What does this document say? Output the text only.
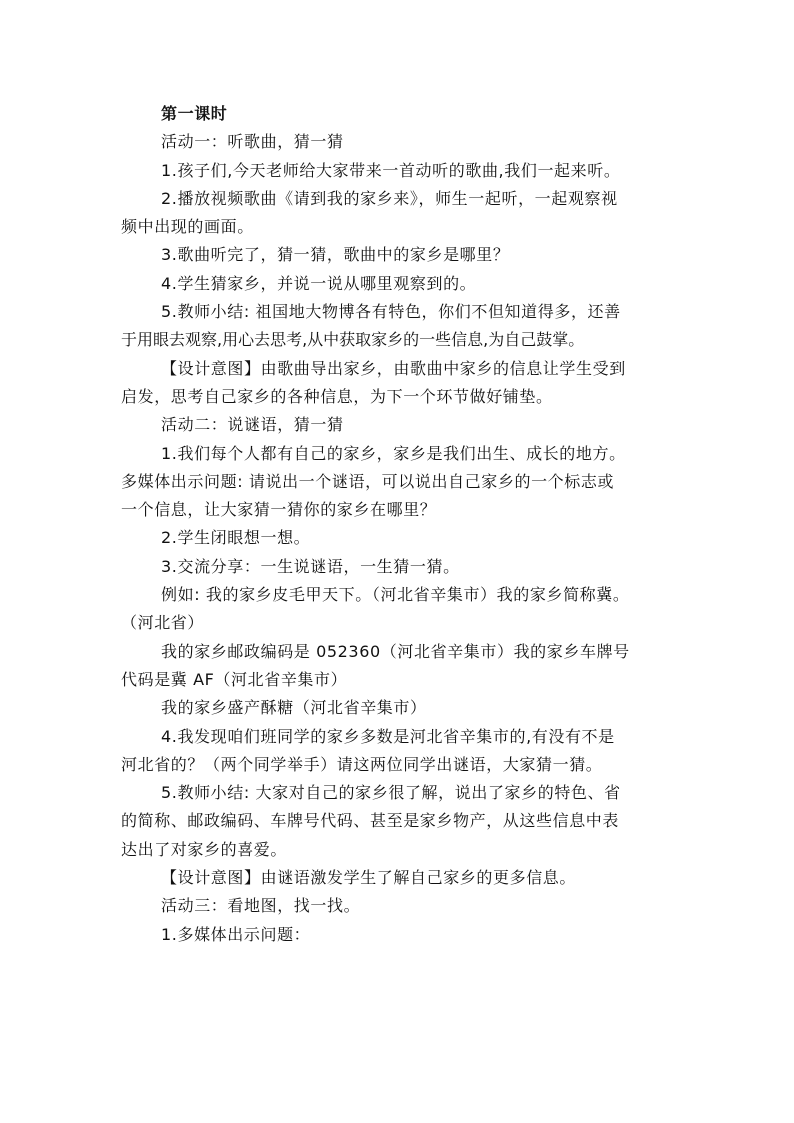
第一课时
活动一：听歌曲，猜一猜
1.孩子们,今天老师给大家带来一首动听的歌曲,我们一起来听。
2.播放视频歌曲《请到我的家乡来》，师生一起听，一起观察视
频中出现的画面。
3.歌曲听完了，猜一猜，歌曲中的家乡是哪里？
4.学生猜家乡，并说一说从哪里观察到的。
5.教师小结: 祖国地大物博各有特色，你们不但知道得多，还善
于用眼去观察,用心去思考,从中获取家乡的一些信息,为自己鼓掌。
【设计意图】由歌曲导出家乡，由歌曲中家乡的信息让学生受到
启发，思考自己家乡的各种信息，为下一个环节做好铺垫。
活动二：说谜语，猜一猜
1.我们每个人都有自己的家乡，家乡是我们出生、成长的地方。
多媒体出示问题: 请说出一个谜语，可以说出自己家乡的一个标志或
一个信息，让大家猜一猜你的家乡在哪里？
2.学生闭眼想一想。
3.交流分享：一生说谜语，一生猜一猜。
例如: 我的家乡皮毛甲天下。（河北省辛集市）我的家乡简称冀。
（河北省）
我的家乡邮政编码是 052360（河北省辛集市）我的家乡车牌号
代码是冀 AF（河北省辛集市）
我的家乡盛产酥糖（河北省辛集市）
4.我发现咱们班同学的家乡多数是河北省辛集市的,有没有不是
河北省的？（两个同学举手）请这两位同学出谜语，大家猜一猜。
5.教师小结: 大家对自己的家乡很了解，说出了家乡的特色、省
的简称、邮政编码、车牌号代码、甚至是家乡物产，从这些信息中表
达出了对家乡的喜爱。
【设计意图】由谜语激发学生了解自己家乡的更多信息。
活动三：看地图，找一找。
1.多媒体出示问题：
